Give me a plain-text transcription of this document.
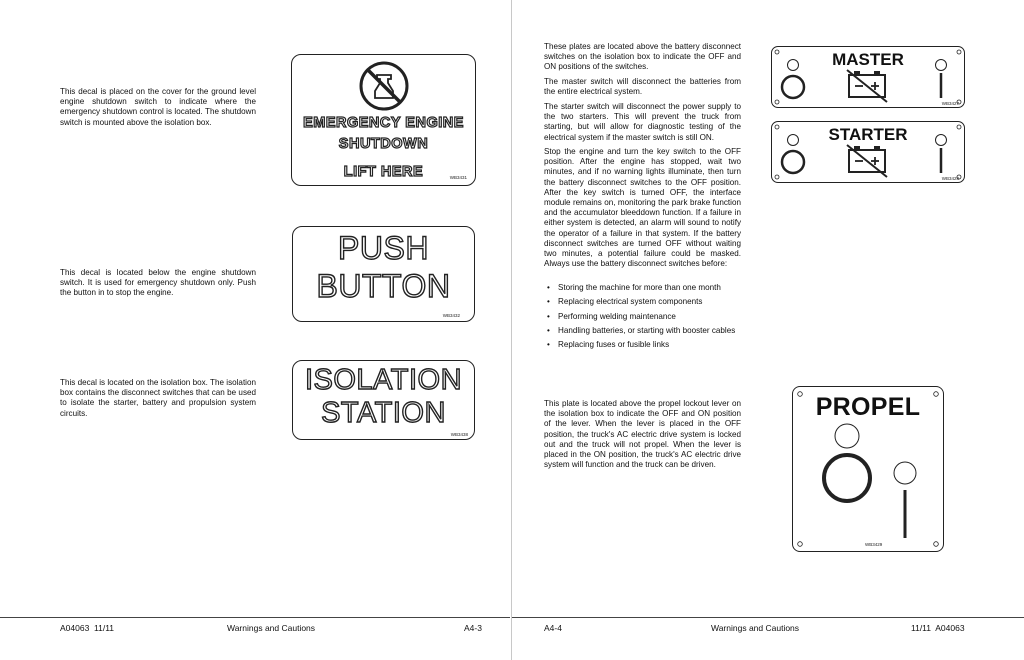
This decal is placed on the cover for the ground level engine shutdown switch to indicate where the emergency shutdown control is located. The shutdown switch is mounted above the isolation box.
This decal is located below the engine shutdown switch. It is used for emergency shutdown only. Push the button in to stop the engine.
This decal is located on the isolation box. The isolation box contains the disconnect switches that can be used to isolate the starter, battery and propulsion system circuits.
EMERGENCY ENGINE
SHUTDOWN
LIFT HERE	WB3431
PUSH
BUTTON
WB3432
ISOLATION
STATION
WB3438
These plates are located above the battery disconnect switches on the isolation box to indicate the OFF and ON positions of the switches.
The master switch will disconnect the batteries from the entire electrical system.
The starter switch will disconnect the power supply to the two starters. This will prevent the truck from starting, but will allow for diagnostic testing of the electrical system if the master switch is still ON.
Stop the engine and turn the key switch to the OFF position. After the engine has stopped, wait two minutes, and if no warning lights illuminate, then turn the battery disconnect switches to the OFF position. After the key switch is turned OFF, the interface module remains on, monitoring the park brake function and the accumulator bleeddown function. If a failure in either system is detected, an alarm will sound to notify the operator of a failure in that system. If the battery disconnect switches are turned OFF without waiting two minutes, a potential failure could be masked. Always use the battery disconnect switches before:
• Storing the machine for more than one month
• Replacing electrical system components
• Performing welding maintenance
• Handling batteries, or starting with booster cables
• Replacing fuses or fusible links
This plate is located above the propel lockout lever on the isolation box to indicate the OFF and ON position of the lever. When the lever is placed in the OFF position, the truck's AC electric drive system is locked out and the truck will not propel. When the lever is placed in the ON position, the truck's AC electric drive system will function and the truck can be driven.
MASTER
WB3427
STARTER
WB3428
PROPEL
WB3429
A04063  11/11	Warnings and Cautions	A4-3	A4-4	Warnings and Cautions	11/11  A04063
